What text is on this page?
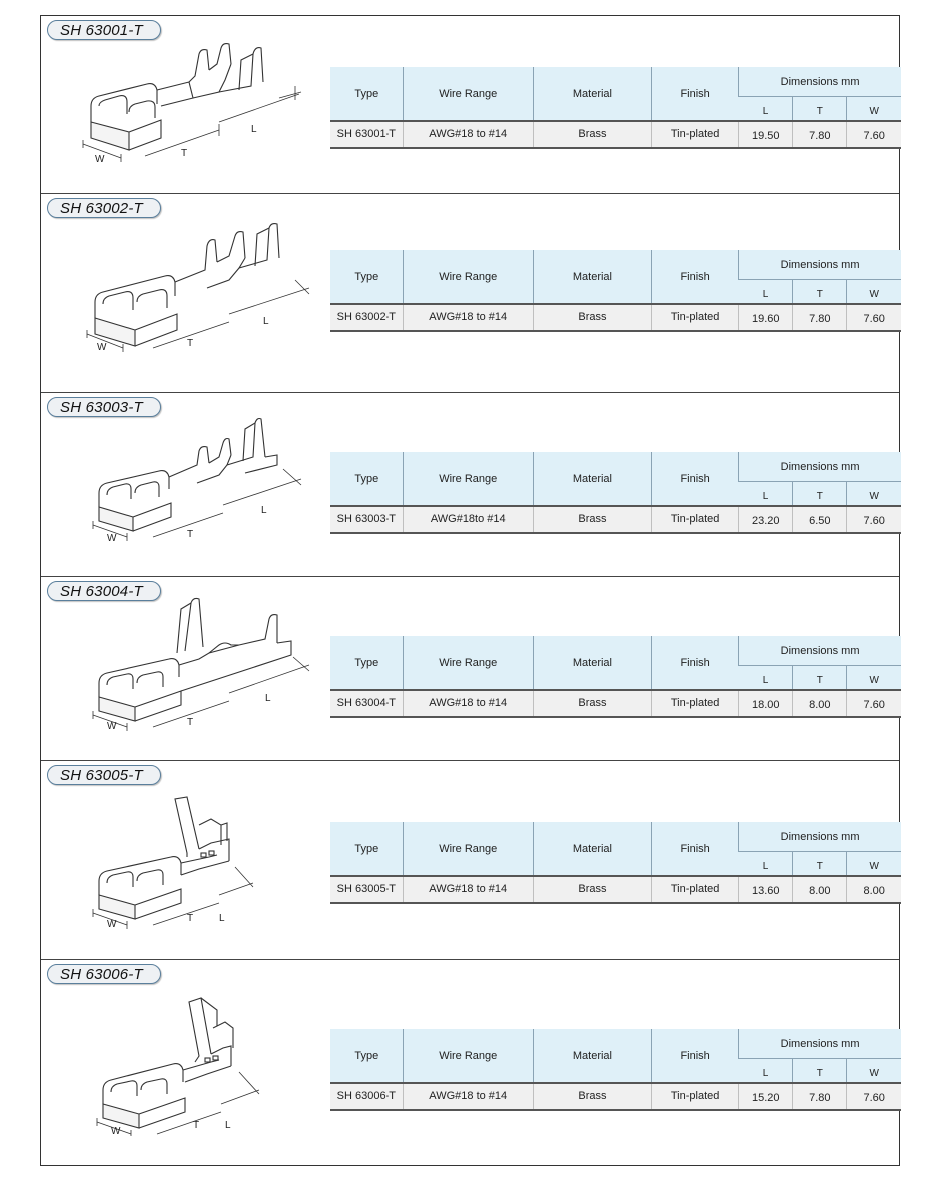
SH 63001-T
W
T
L
Type	Wire Range	Material	Finish	Dimensions mm		
				L	T	W
SH 63001-T	AWG#18 to #14	Brass	Tin-plated	19.50	7.80	7.60
SH 63002-T
W	T
L
Type	Wire Range	Material	Finish	Dimensions mm		
				L	T	W
SH 63002-T	AWG#18 to #14	Brass	Tin-plated	19.60	7.80	7.60
SH 63003-T
W	T
L
Type	Wire Range	Material	Finish	Dimensions mm		
				L	T	W
SH 63003-T	AWG#18to #14	Brass	Tin-plated	23.20	6.50	7.60
SH 63004-T
W	T
L
Type	Wire Range	Material	Finish	Dimensions mm		
				L	T	W
SH 63004-T	AWG#18 to #14	Brass	Tin-plated	18.00	8.00	7.60
SH 63005-T
W
T	L
Type	Wire Range	Material	Finish	Dimensions mm		
				L	T	W
SH 63005-T	AWG#18 to #14	Brass	Tin-plated	13.60	8.00	8.00
SH 63006-T
W
T	L
Type	Wire Range	Material	Finish	Dimensions mm		
				L	T	W
SH 63006-T	AWG#18 to #14	Brass	Tin-plated	15.20	7.80	7.60
